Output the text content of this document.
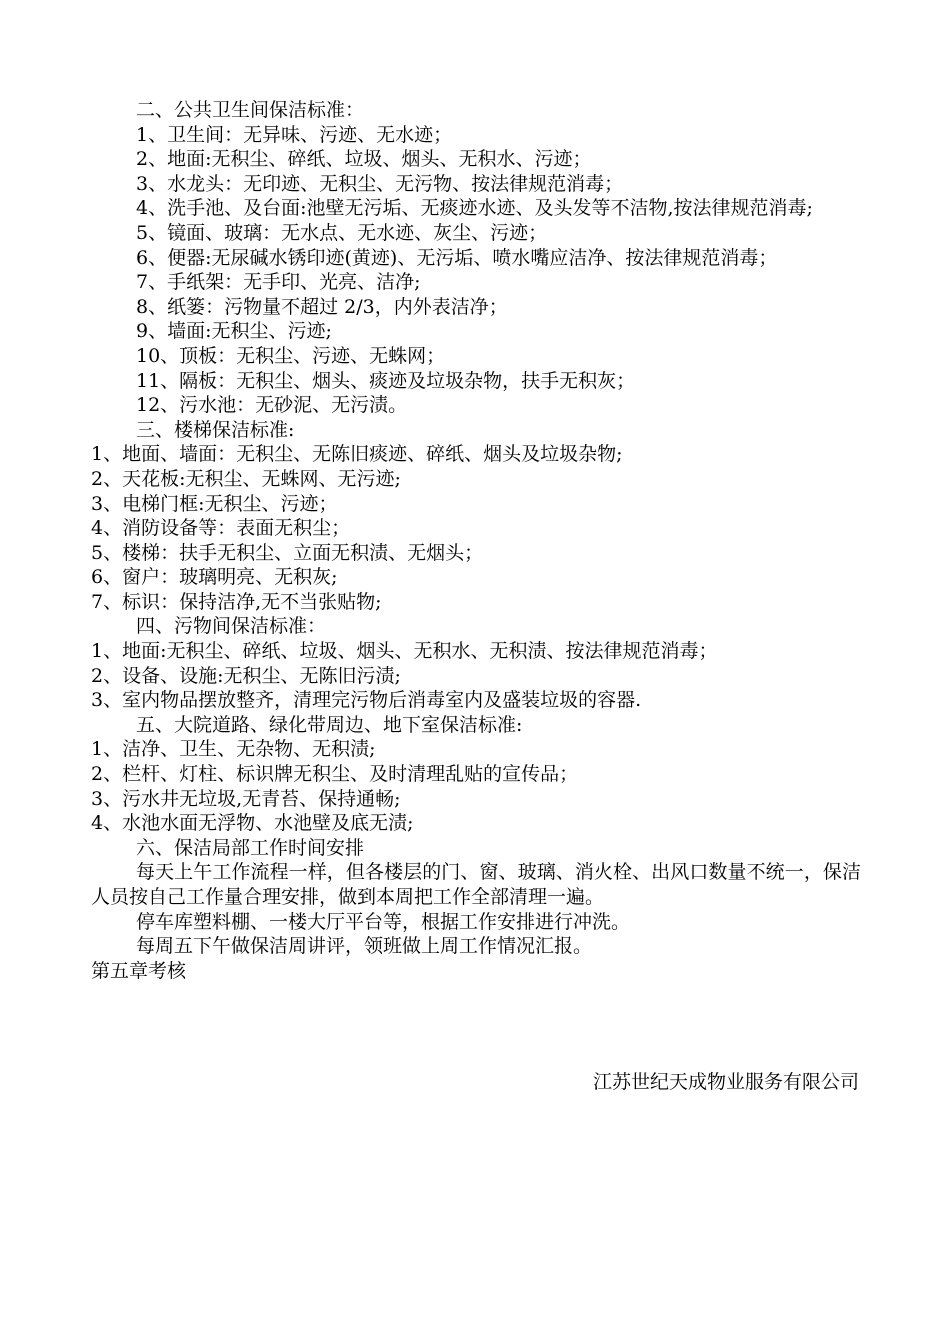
二、公共卫生间保洁标准：

1、卫生间：无异味、污迹、无水迹；

2、地面:无积尘、碎纸、垃圾、烟头、无积水、污迹；

3、水龙头：无印迹、无积尘、无污物、按法律规范消毒；

4、洗手池、及台面:池壁无污垢、无痰迹水迹、及头发等不洁物,按法律规范消毒;

5、镜面、玻璃：无水点、无水迹、灰尘、污迹；

6、便器:无尿碱水锈印迹(黄迹)、无污垢、喷水嘴应洁净、按法律规范消毒；

7、手纸架：无手印、光亮、洁净;

8、纸篓：污物量不超过 2/3，内外表洁净；

9、墙面:无积尘、污迹;

10、顶板：无积尘、污迹、无蛛网；

11、隔板：无积尘、烟头、痰迹及垃圾杂物，扶手无积灰；

12、污水池：无砂泥、无污渍。

三、楼梯保洁标准:

1、地面、墙面：无积尘、无陈旧痰迹、碎纸、烟头及垃圾杂物;

2、天花板:无积尘、无蛛网、无污迹;

3、电梯门框:无积尘、污迹；

4、消防设备等：表面无积尘；

5、楼梯：扶手无积尘、立面无积渍、无烟头；

6、窗户：玻璃明亮、无积灰;

7、标识：保持洁净,无不当张贴物;

四、污物间保洁标准：

1、地面:无积尘、碎纸、垃圾、烟头、无积水、无积渍、按法律规范消毒；

2、设备、设施:无积尘、无陈旧污渍;

3、室内物品摆放整齐，清理完污物后消毒室内及盛装垃圾的容器.

五、大院道路、绿化带周边、地下室保洁标准:

1、洁净、卫生、无杂物、无积渍;

2、栏杆、灯柱、标识牌无积尘、及时清理乱贴的宣传品；

3、污水井无垃圾,无青苔、保持通畅;

4、水池水面无浮物、水池壁及底无渍;

六、保洁局部工作时间安排

每天上午工作流程一样，但各楼层的门、窗、玻璃、消火栓、出风口数量不统一，保洁人员按自己工作量合理安排，做到本周把工作全部清理一遍。

停车库塑料棚、一楼大厅平台等，根据工作安排进行冲洗。

每周五下午做保洁周讲评，领班做上周工作情况汇报。

第五章考核

江苏世纪天成物业服务有限公司
